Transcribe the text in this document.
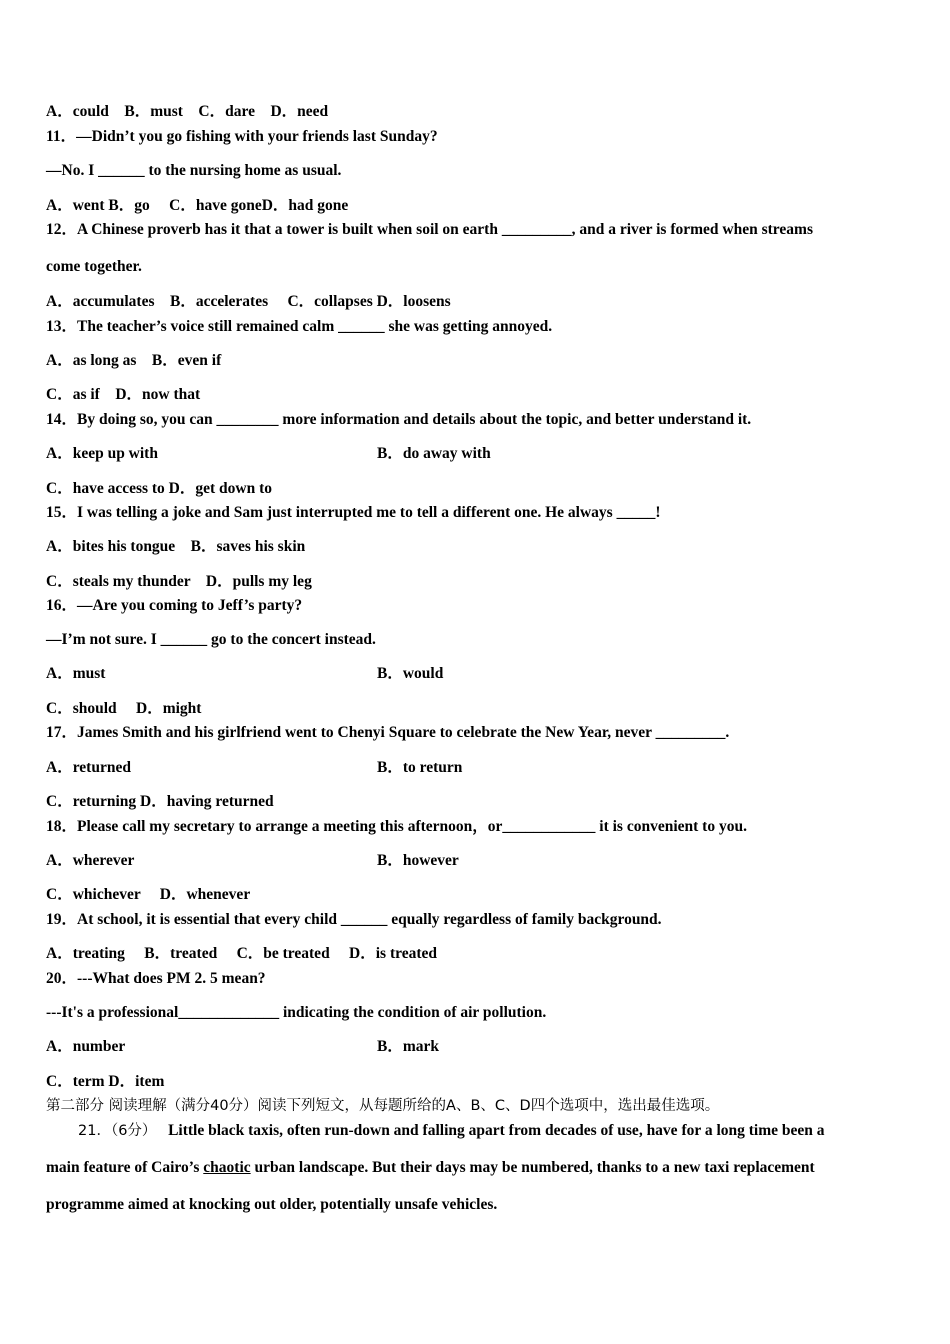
A．could　B．must　C．dare　D．need
11．—Didn’t you go fishing with your friends last Sunday?
—No. I ______ to the nursing home as usual.
A．went B．go　 C．have goneD．had gone
12．A Chinese proverb has it that a tower is built when soil on earth _________, and a river is formed when streams
come together.
A．accumulates　B．accelerates　 C．collapses D．loosens
13．The teacher’s voice still remained calm ______ she was getting annoyed.
A．as long as　B．even if
C．as if　D．now that
14．By doing so, you can ________ more information and details about the topic, and better understand it.
A．keep up with	B．do away with
C．have access to D．get down to
15．I was telling a joke and Sam just interrupted me to tell a different one. He always _____!
A．bites his tongue　B．saves his skin
C．steals my thunder　D．pulls my leg
16．—Are you coming to Jeff’s party?
—I’m not sure. I ______ go to the concert instead.
A．must	B．would
C．should　 D．might
17．James Smith and his girlfriend went to Chenyi Square to celebrate the New Year, never _________.
A．returned	B．to return
C．returning D．having returned
18．Please call my secretary to arrange a meeting this afternoon，or____________ it is convenient to you.
A．wherever	B．however
C．whichever　 D．whenever
19．At school, it is essential that every child ______ equally regardless of family background.
A．treating　 B．treated　 C．be treated　 D．is treated
20．---What does PM 2. 5 mean?
---It's a professional_____________ indicating the condition of air pollution.
A．number	B．mark
C．term D．item
第二部分 阅读理解（满分40分）阅读下列短文，从每题所给的A、B、C、D四个选项中，选出最佳选项。
21．（6分） Little black taxis, often run-down and falling apart from decades of use, have for a long time been a
main feature of Cairo’s chaotic urban landscape. But their days may be numbered, thanks to a new taxi replacement
programme aimed at knocking out older, potentially unsafe vehicles.
